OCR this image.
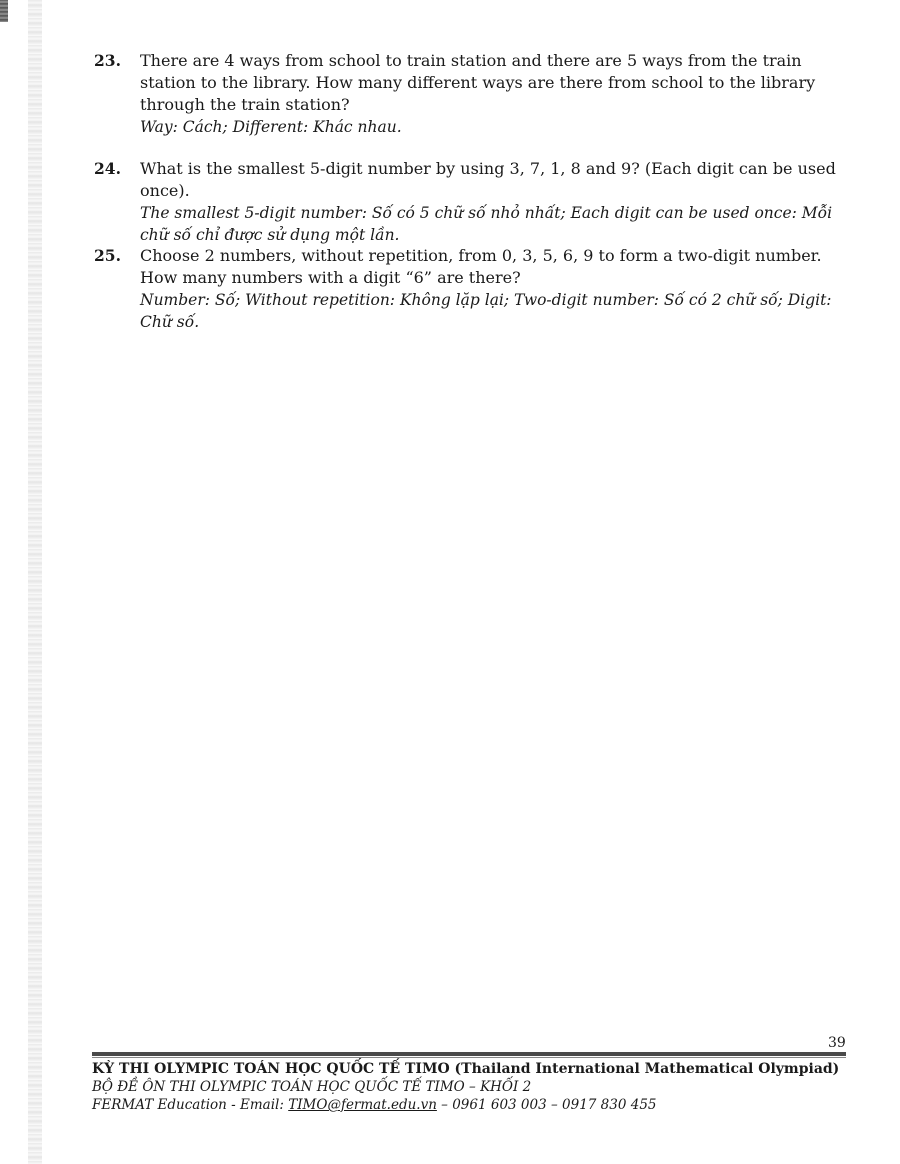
23.	There are 4 ways from school to train station and there are 5 ways from the train station to the library. How many different ways are there from school to the library through the train station?
Way: Cách; Different: Khác nhau.
24.	What is the smallest 5-digit number by using 3, 7, 1, 8 and 9? (Each digit can be used once).
The smallest 5-digit number: Số có 5 chữ số nhỏ nhất; Each digit can be used once: Mỗi chữ số chỉ được sử dụng một lần.
25.	Choose 2 numbers, without repetition, from 0, 3, 5, 6, 9 to form a two-digit number. How many numbers with a digit “6” are there?
Number: Số; Without repetition: Không lặp lại; Two-digit number: Số có 2 chữ số; Digit: Chữ số.
39
KỲ THI OLYMPIC TOÁN HỌC QUỐC TẾ TIMO (Thailand International Mathematical Olympiad)
BỘ ĐỀ ÔN THI OLYMPIC TOÁN HỌC QUỐC TẾ TIMO – KHỐI 2
FERMAT Education - Email: TIMO@fermat.edu.vn – 0961 603 003 – 0917 830 455
